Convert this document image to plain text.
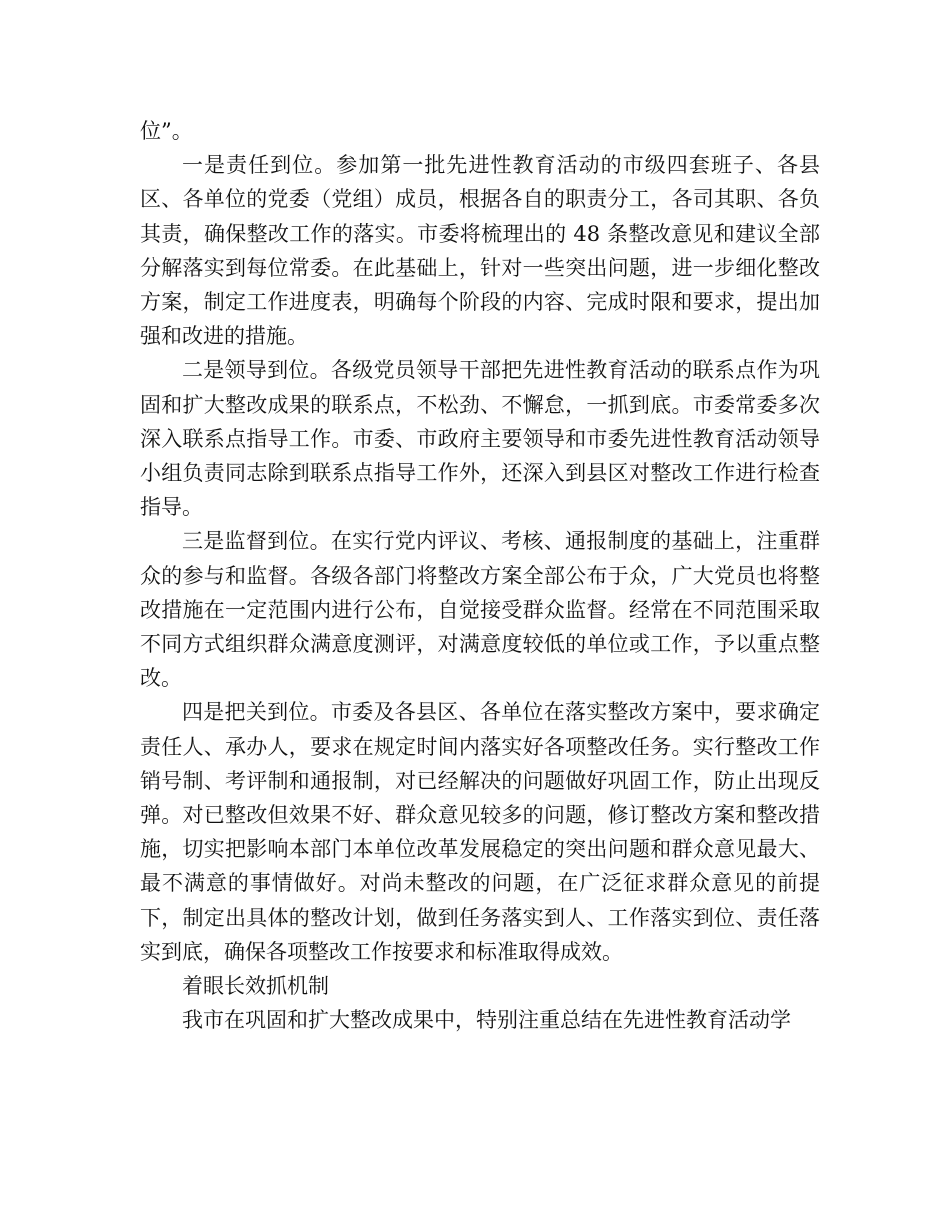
位”。

一是责任到位。参加第一批先进性教育活动的市级四套班子、各县区、各单位的党委（党组）成员，根据各自的职责分工，各司其职、各负其责，确保整改工作的落实。市委将梳理出的 48 条整改意见和建议全部分解落实到每位常委。在此基础上，针对一些突出问题，进一步细化整改方案，制定工作进度表，明确每个阶段的内容、完成时限和要求，提出加强和改进的措施。

二是领导到位。各级党员领导干部把先进性教育活动的联系点作为巩固和扩大整改成果的联系点，不松劲、不懈怠，一抓到底。市委常委多次深入联系点指导工作。市委、市政府主要领导和市委先进性教育活动领导小组负责同志除到联系点指导工作外，还深入到县区对整改工作进行检查指导。

三是监督到位。在实行党内评议、考核、通报制度的基础上，注重群众的参与和监督。各级各部门将整改方案全部公布于众，广大党员也将整改措施在一定范围内进行公布，自觉接受群众监督。经常在不同范围采取不同方式组织群众满意度测评，对满意度较低的单位或工作，予以重点整改。

四是把关到位。市委及各县区、各单位在落实整改方案中，要求确定责任人、承办人，要求在规定时间内落实好各项整改任务。实行整改工作销号制、考评制和通报制，对已经解决的问题做好巩固工作，防止出现反弹。对已整改但效果不好、群众意见较多的问题，修订整改方案和整改措施，切实把影响本部门本单位改革发展稳定的突出问题和群众意见最大、最不满意的事情做好。对尚未整改的问题，在广泛征求群众意见的前提下，制定出具体的整改计划，做到任务落实到人、工作落实到位、责任落实到底，确保各项整改工作按要求和标准取得成效。

着眼长效抓机制

我市在巩固和扩大整改成果中，特别注重总结在先进性教育活动学
